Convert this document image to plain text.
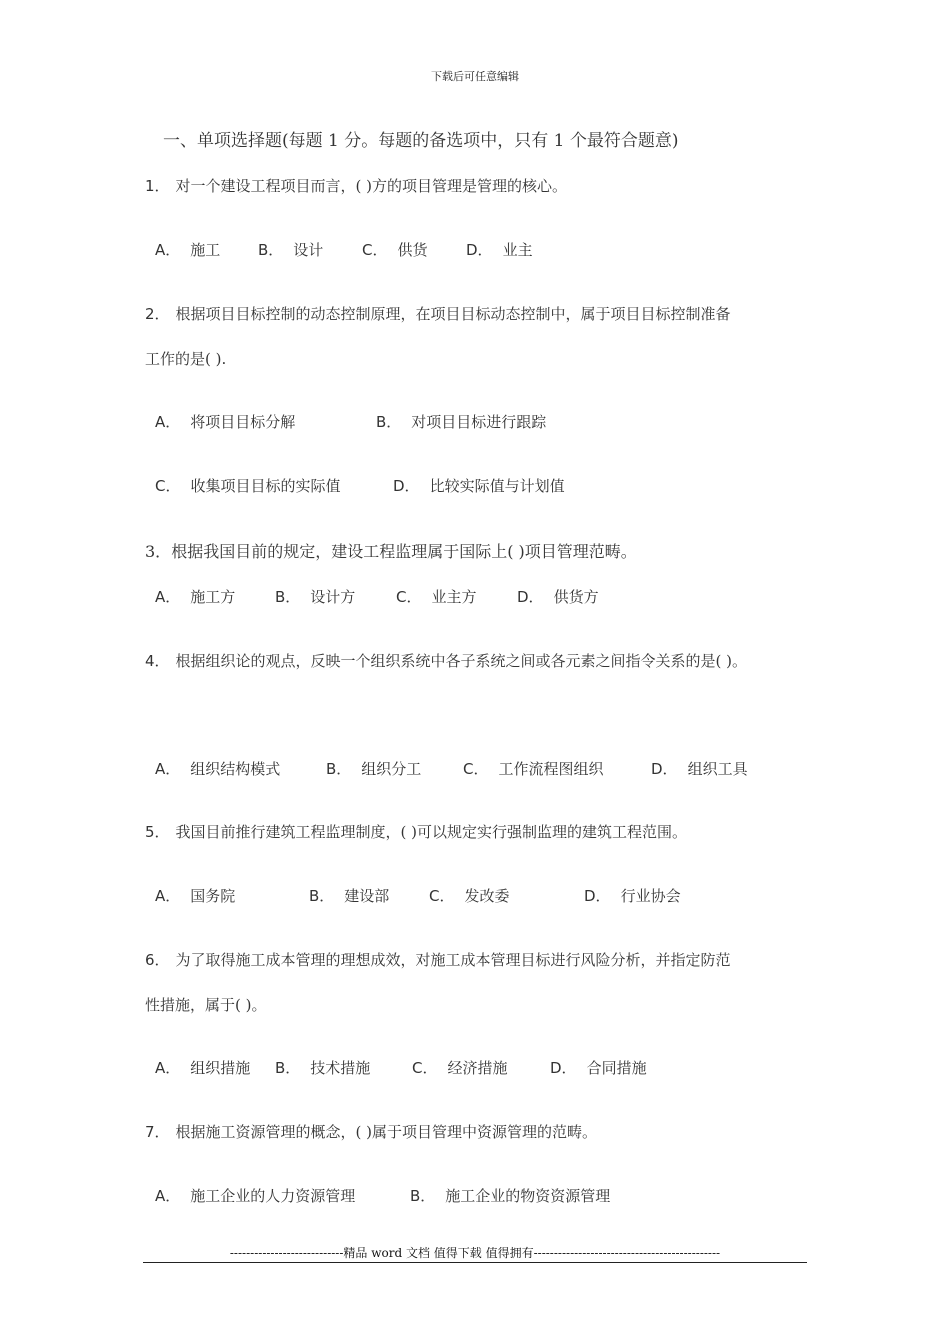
下载后可任意编辑
一、单项选择题(每题 1 分。每题的备选项中，只有 1 个最符合题意)
1． 对一个建设工程项目而言，( )方的项目管理是管理的核心。
A． 施工	B． 设计	C． 供货	D． 业主
2． 根据项目目标控制的动态控制原理，在项目目标动态控制中，属于项目目标控制准备
工作的是( ).
A． 将项目目标分解	B． 对项目目标进行跟踪
C． 收集项目目标的实际值	D． 比较实际值与计划值
3．根据我国目前的规定，建设工程监理属于国际上( )项目管理范畴。
A． 施工方	B． 设计方	C． 业主方	D． 供货方
4． 根据组织论的观点，反映一个组织系统中各子系统之间或各元素之间指令关系的是( )。
A． 组织结构模式	B． 组织分工	C． 工作流程图组织	D． 组织工具
5． 我国目前推行建筑工程监理制度，( )可以规定实行强制监理的建筑工程范围。
A． 国务院	B． 建设部	C． 发改委	D． 行业协会
6． 为了取得施工成本管理的理想成效，对施工成本管理目标进行风险分析，并指定防范
性措施，属于( )。
A． 组织措施 B． 技术措施	C． 经济措施	D． 合同措施
7． 根据施工资源管理的概念，( )属于项目管理中资源管理的范畴。
A． 施工企业的人力资源管理	B． 施工企业的物资资源管理
----------------------------精品 word 文档 值得下载 值得拥有----------------------------------------------
